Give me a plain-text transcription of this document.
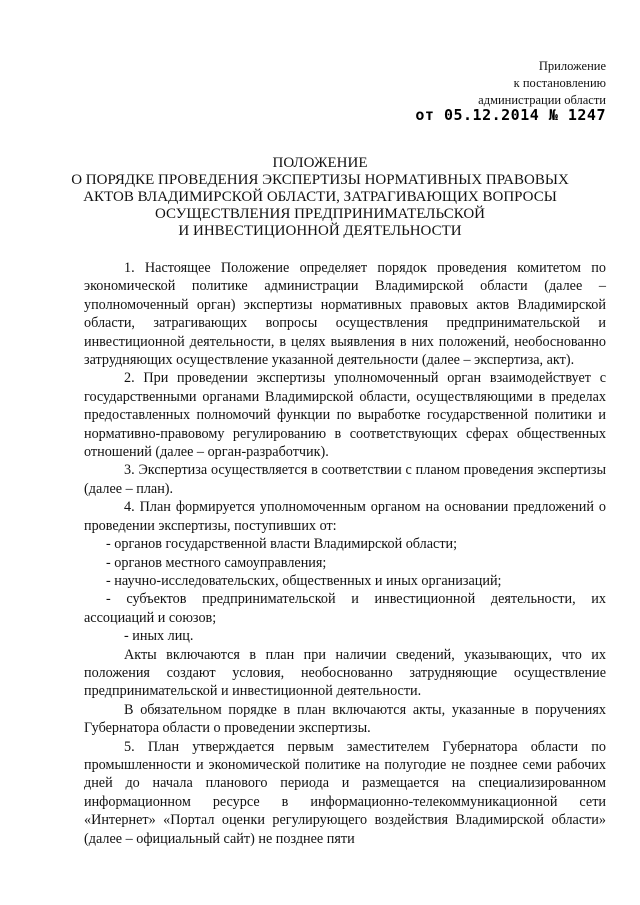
Приложение
к постановлению
администрации области
от 05.12.2014 № 1247
ПОЛОЖЕНИЕ
О ПОРЯДКЕ ПРОВЕДЕНИЯ ЭКСПЕРТИЗЫ НОРМАТИВНЫХ ПРАВОВЫХ
АКТОВ ВЛАДИМИРСКОЙ ОБЛАСТИ, ЗАТРАГИВАЮЩИХ ВОПРОСЫ
ОСУЩЕСТВЛЕНИЯ ПРЕДПРИНИМАТЕЛЬСКОЙ
И ИНВЕСТИЦИОННОЙ ДЕЯТЕЛЬНОСТИ

1. Настоящее Положение определяет порядок проведения комитетом по экономической политике администрации Владимирской области (далее – уполномоченный орган) экспертизы нормативных правовых актов Владимирской области, затрагивающих вопросы осуществления предпринимательской и инвестиционной деятельности, в целях выявления в них положений, необоснованно затрудняющих осуществление указанной деятельности (далее – экспертиза, акт).

2. При проведении экспертизы уполномоченный орган взаимодействует с государственными органами Владимирской области, осуществляющими в пределах предоставленных полномочий функции по выработке государственной политики и нормативно-правовому регулированию в соответствующих сферах общественных отношений (далее – орган-разработчик).

3. Экспертиза осуществляется в соответствии с планом проведения экспертизы (далее – план).

4. План формируется уполномоченным органом на основании предложений о проведении экспертизы, поступивших от:

- органов государственной власти Владимирской области;

- органов местного самоуправления;

- научно-исследовательских, общественных и иных организаций;

- субъектов предпринимательской и инвестиционной деятельности, их ассоциаций и союзов;

- иных лиц.

Акты включаются в план при наличии сведений, указывающих, что их положения создают условия, необоснованно затрудняющие осуществление предпринимательской и инвестиционной деятельности.

В обязательном порядке в план включаются акты, указанные в поручениях Губернатора области о проведении экспертизы.

5. План утверждается первым заместителем Губернатора области по промышленности и экономической политике на полугодие не позднее семи рабочих дней до начала планового периода и размещается на специализированном информационном ресурсе в информационно-телекоммуникационной сети «Интернет» «Портал оценки регулирующего воздействия Владимирской области» (далее – официальный сайт) не позднее пяти
